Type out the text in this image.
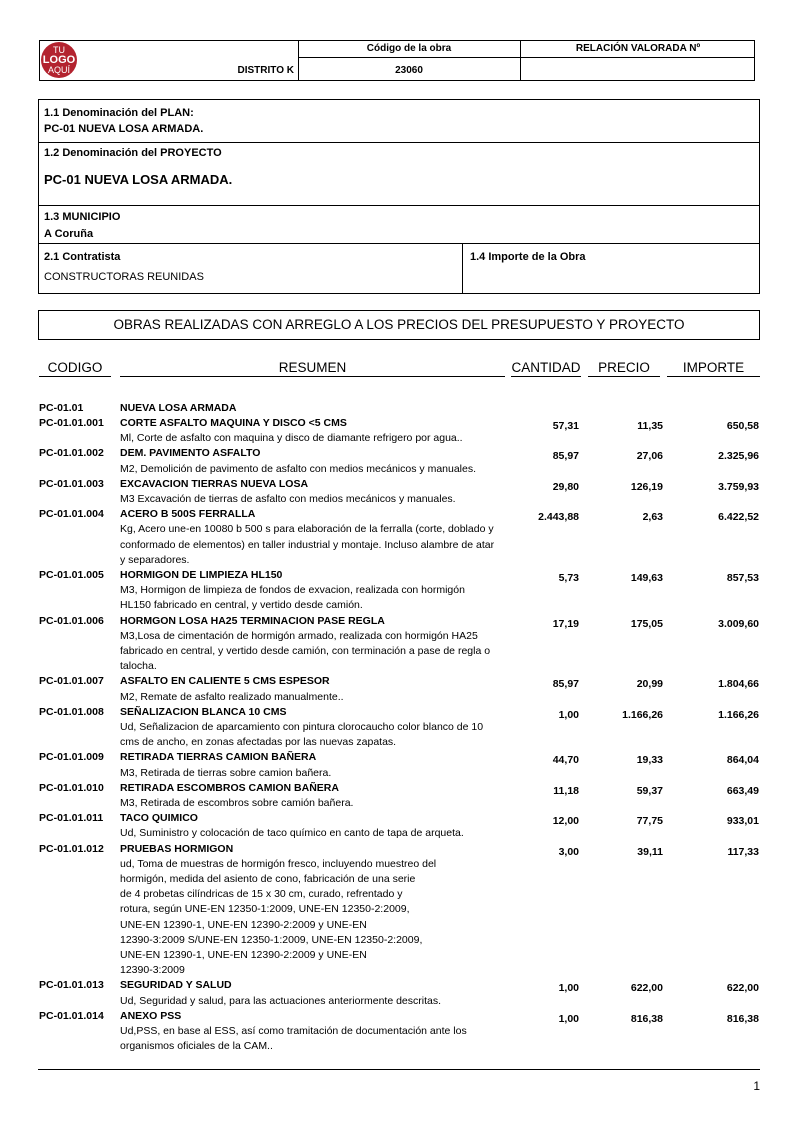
TU
LOGO
AQUÍ	DISTRITO K
Código de la obra
23060
RELACIÓN VALORADA Nº
1.1 Denominación del PLAN:
PC-01 NUEVA LOSA ARMADA.
1.2 Denominación del PROYECTO
PC-01 NUEVA LOSA ARMADA.
1.3 MUNICIPIO
A Coruña
2.1 Contratista
CONSTRUCTORAS REUNIDAS
1.4 Importe de la Obra
OBRAS REALIZADAS CON ARREGLO A LOS PRECIOS DEL PRESUPUESTO Y PROYECTO
CODIGO	RESUMEN	CANTIDAD	PRECIO	IMPORTE
PC-01.01	NUEVA LOSA ARMADA
PC-01.01.001 CORTE ASFALTO MAQUINA Y DISCO <5 CMS	57,31	11,35	650,58
Ml, Corte de asfalto con maquina y disco de diamante refrigero por agua..
PC-01.01.002 DEM. PAVIMENTO ASFALTO	85,97	27,06	2.325,96
M2, Demolición de pavimento de asfalto con medios mecánicos y manuales.
PC-01.01.003 EXCAVACION TIERRAS NUEVA LOSA	29,80	126,19	3.759,93
M3 Excavación de tierras de asfalto con medios mecánicos y manuales.
PC-01.01.004 ACERO B 500S FERRALLA	2.443,88	2,63	6.422,52
Kg, Acero une-en 10080 b 500 s para elaboración de la ferralla (corte, doblado y
conformado de elementos) en taller industrial y montaje. Incluso alambre de atar
y separadores.
PC-01.01.005 HORMIGON DE LIMPIEZA HL150	5,73	149,63	857,53
M3, Hormigon de limpieza de fondos de exvacion, realizada con hormigón
HL150 fabricado en central, y vertido desde camión.
PC-01.01.006 HORMGON LOSA HA25 TERMINACION PASE REGLA	17,19	175,05	3.009,60
M3,Losa de cimentación de hormigón armado, realizada con hormigón HA25
fabricado en central, y vertido desde camión, con terminación a pase de regla o
talocha.
PC-01.01.007 ASFALTO EN CALIENTE 5 CMS ESPESOR	85,97	20,99	1.804,66
M2, Remate de asfalto realizado manualmente..
PC-01.01.008 SEÑALIZACION BLANCA 10 CMS	1,00	1.166,26	1.166,26
Ud, Señalizacion de aparcamiento con pintura clorocaucho color blanco de 10
cms de ancho, en zonas afectadas por las nuevas zapatas.
PC-01.01.009 RETIRADA TIERRAS CAMION BAÑERA	44,70	19,33	864,04
M3, Retirada de tierras sobre camion bañera.
PC-01.01.010 RETIRADA ESCOMBROS CAMION BAÑERA	11,18	59,37	663,49
M3, Retirada de escombros sobre camión bañera.
PC-01.01.011 TACO QUIMICO	12,00	77,75	933,01
Ud, Suministro y colocación de taco químico en canto de tapa de arqueta.
PC-01.01.012 PRUEBAS HORMIGON	3,00	39,11	117,33
ud, Toma de muestras de hormigón fresco, incluyendo muestreo del
hormigón, medida del asiento de cono, fabricación de una serie
de 4 probetas cilíndricas de 15 x 30 cm, curado, refrentado y
rotura, según UNE-EN 12350-1:2009, UNE-EN 12350-2:2009,
UNE-EN 12390-1, UNE-EN 12390-2:2009 y UNE-EN
12390-3:2009 S/UNE-EN 12350-1:2009, UNE-EN 12350-2:2009,
UNE-EN 12390-1, UNE-EN 12390-2:2009 y UNE-EN
12390-3:2009
PC-01.01.013 SEGURIDAD Y SALUD	1,00	622,00	622,00
Ud, Seguridad y salud, para las actuaciones anteriormente descritas.
PC-01.01.014 ANEXO PSS	1,00	816,38	816,38
Ud,PSS, en base al ESS, así como tramitación de documentación ante los
organismos oficiales de la CAM..
1
